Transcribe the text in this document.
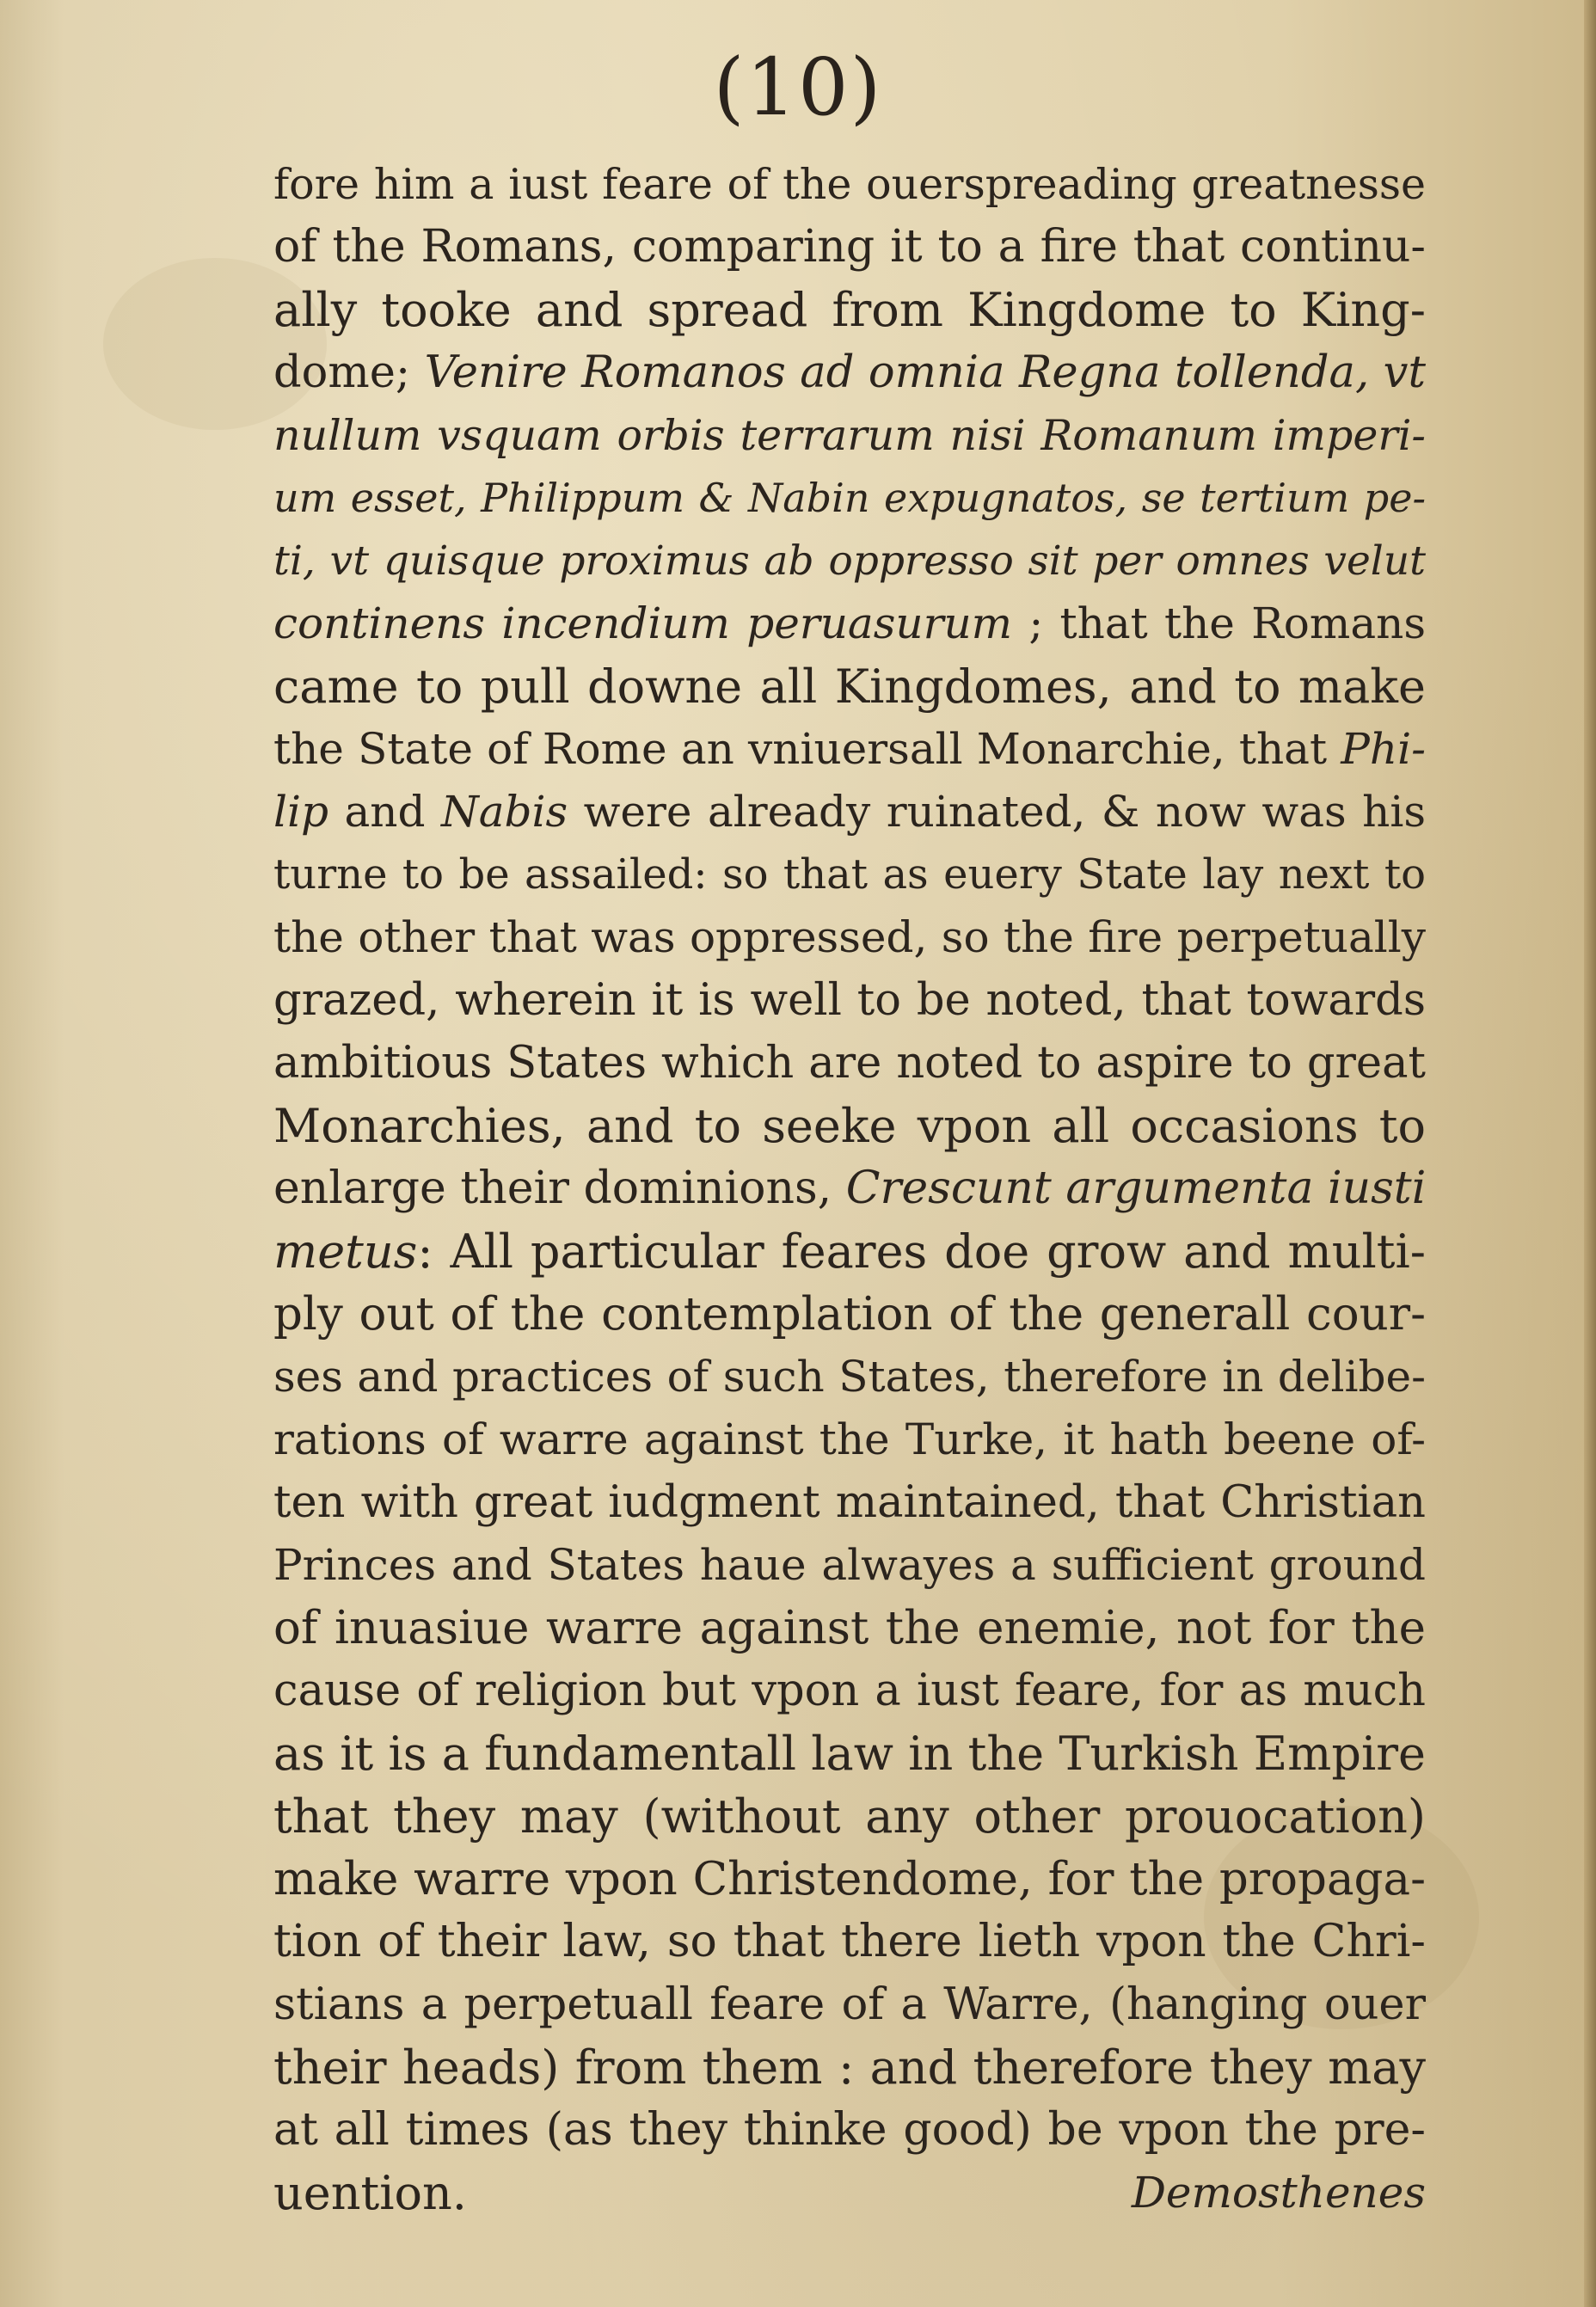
(10)
fore him a iust feare of the ouerspreading greatnesse
of the Romans, comparing it to a fire that continu-
ally tooke and spread from Kingdome to King-
dome; Venire Romanos ad omnia Regna tollenda, vt
nullum vsquam orbis terrarum nisi Romanum imperi-
um esset, Philippum & Nabin expugnatos, se tertium pe-
ti, vt quisque proximus ab oppresso sit per omnes velut
continens incendium peruasurum ; that the Romans
came to pull downe all Kingdomes, and to make
the State of Rome an vniuersall Monarchie, that Phi-
lip and Nabis were already ruinated, & now was his
turne to be assailed: so that as euery State lay next to
the other that was oppressed, so the fire perpetually
grazed, wherein it is well to be noted, that towards
ambitious States which are noted to aspire to great
Monarchies, and to seeke vpon all occasions to
enlarge their dominions, Crescunt argumenta iusti
metus: All particular feares doe grow and multi-
ply out of the contemplation of the generall cour-
ses and practices of such States, therefore in delibe-
rations of warre against the Turke, it hath beene of-
ten with great iudgment maintained, that Christian
Princes and States haue alwayes a sufficient ground
of inuasiue warre against the enemie, not for the
cause of religion but vpon a iust feare, for as much
as it is a fundamentall law in the Turkish Empire
that they may (without any other prouocation)
make warre vpon Christendome, for the propaga-
tion of their law, so that there lieth vpon the Chri-
stians a perpetuall feare of a Warre, (hanging ouer
their heads) from them : and therefore they may
at all times (as they thinke good) be vpon the pre-
uention.	Demosthenes
